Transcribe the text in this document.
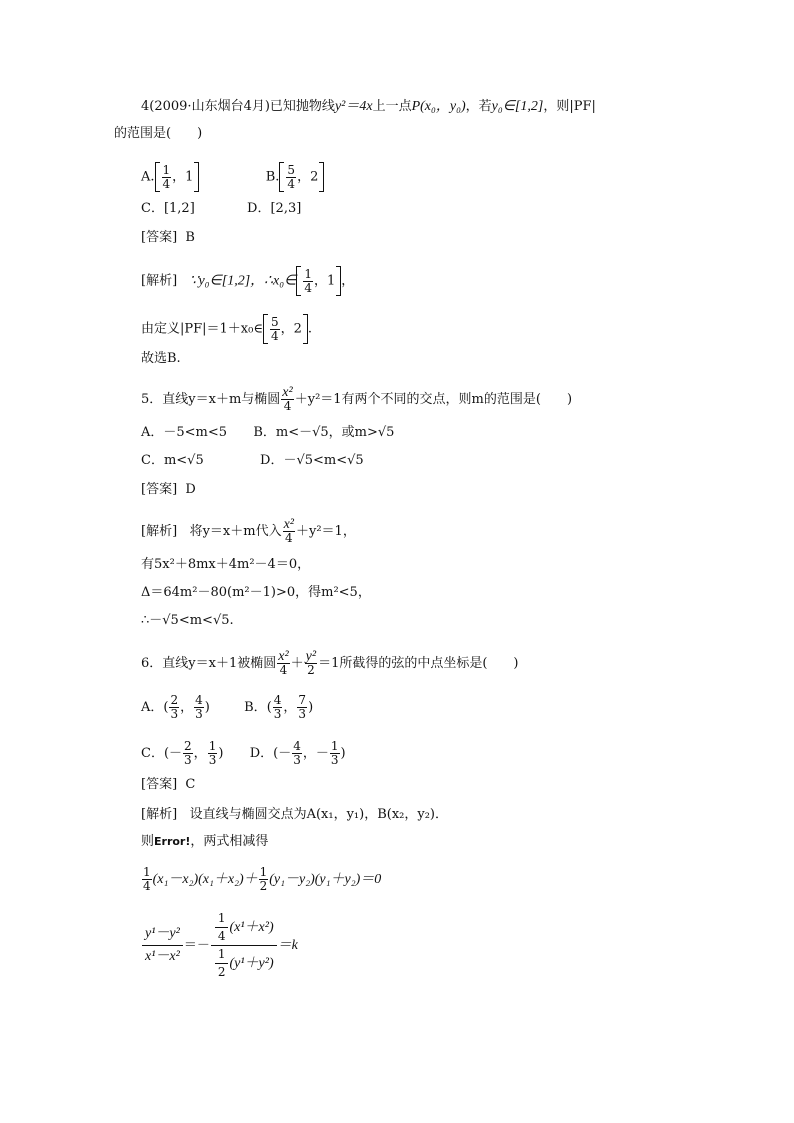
4(2009·山东烟台4月)已知抛物线y²＝4x上一点P(x₀，y₀)，若y₀∈[1,2]，则|PF|
的范围是(　　)
A. $\frac{1}{4}$ ，1	B. $\frac{5}{4}$ ，2
C．[1,2]	D．[2,3]
[答案] B
[解析] ∵y₀∈[1,2]，∴x₀∈ $\frac{1}{4}$ ，1 ，
由定义|PF|＝1＋x₀∈ $\frac{5}{4}$ ，2 .
故选B.
5．直线y＝x＋m与椭圆 $\frac{\text{x²}}{4} +y^2=1$有两个不同的交点，则m的范围是(　　)
A．－5<m<5 B．m<－√5，或m>√5
C．m<√5	D．－√5<m<√5
[答案] D
[解析] 将y＝x＋m代入 $\frac{\text{x²}}{4} +y^2=1$，
有5x²＋8mx＋4m²－4＝0，
Δ＝64m²－80(m²－1)>0，得m²<5，
∴－√5<m<√5.
6．直线y＝x＋1被椭圆 $\frac{\text{x²}}{4} + \frac{\text{y²}}{2} =1$所截得的弦的中点坐标是(　　)
A．( $\frac{2}{3}$ ， $\frac{4}{3}$ )  B．( $\frac{4}{3}$ ， $\frac{7}{3}$ )
C．(－ $\frac{2}{3}$ ， $\frac{1}{3}$ )  D．(－ $\frac{4}{3}$ ，－ $\frac{1}{3}$ )
[答案] C
[解析] 设直线与椭圆交点为A(x₁，y₁)，B(x₂，y₂)．
则Error!，两式相减得
$\frac{1}{4} (x_1-x_2)(x_1+x_2)+ \frac{1}{2} (y_1-y_2)(y_1+y_2)=0$
$\frac{\text{y¹－y²}}{\text{x¹－x²}} =- \frac{\frac{1}{4} (x^1+x^2)}{\frac{1}{2} (y^1+y^2)} =k$
